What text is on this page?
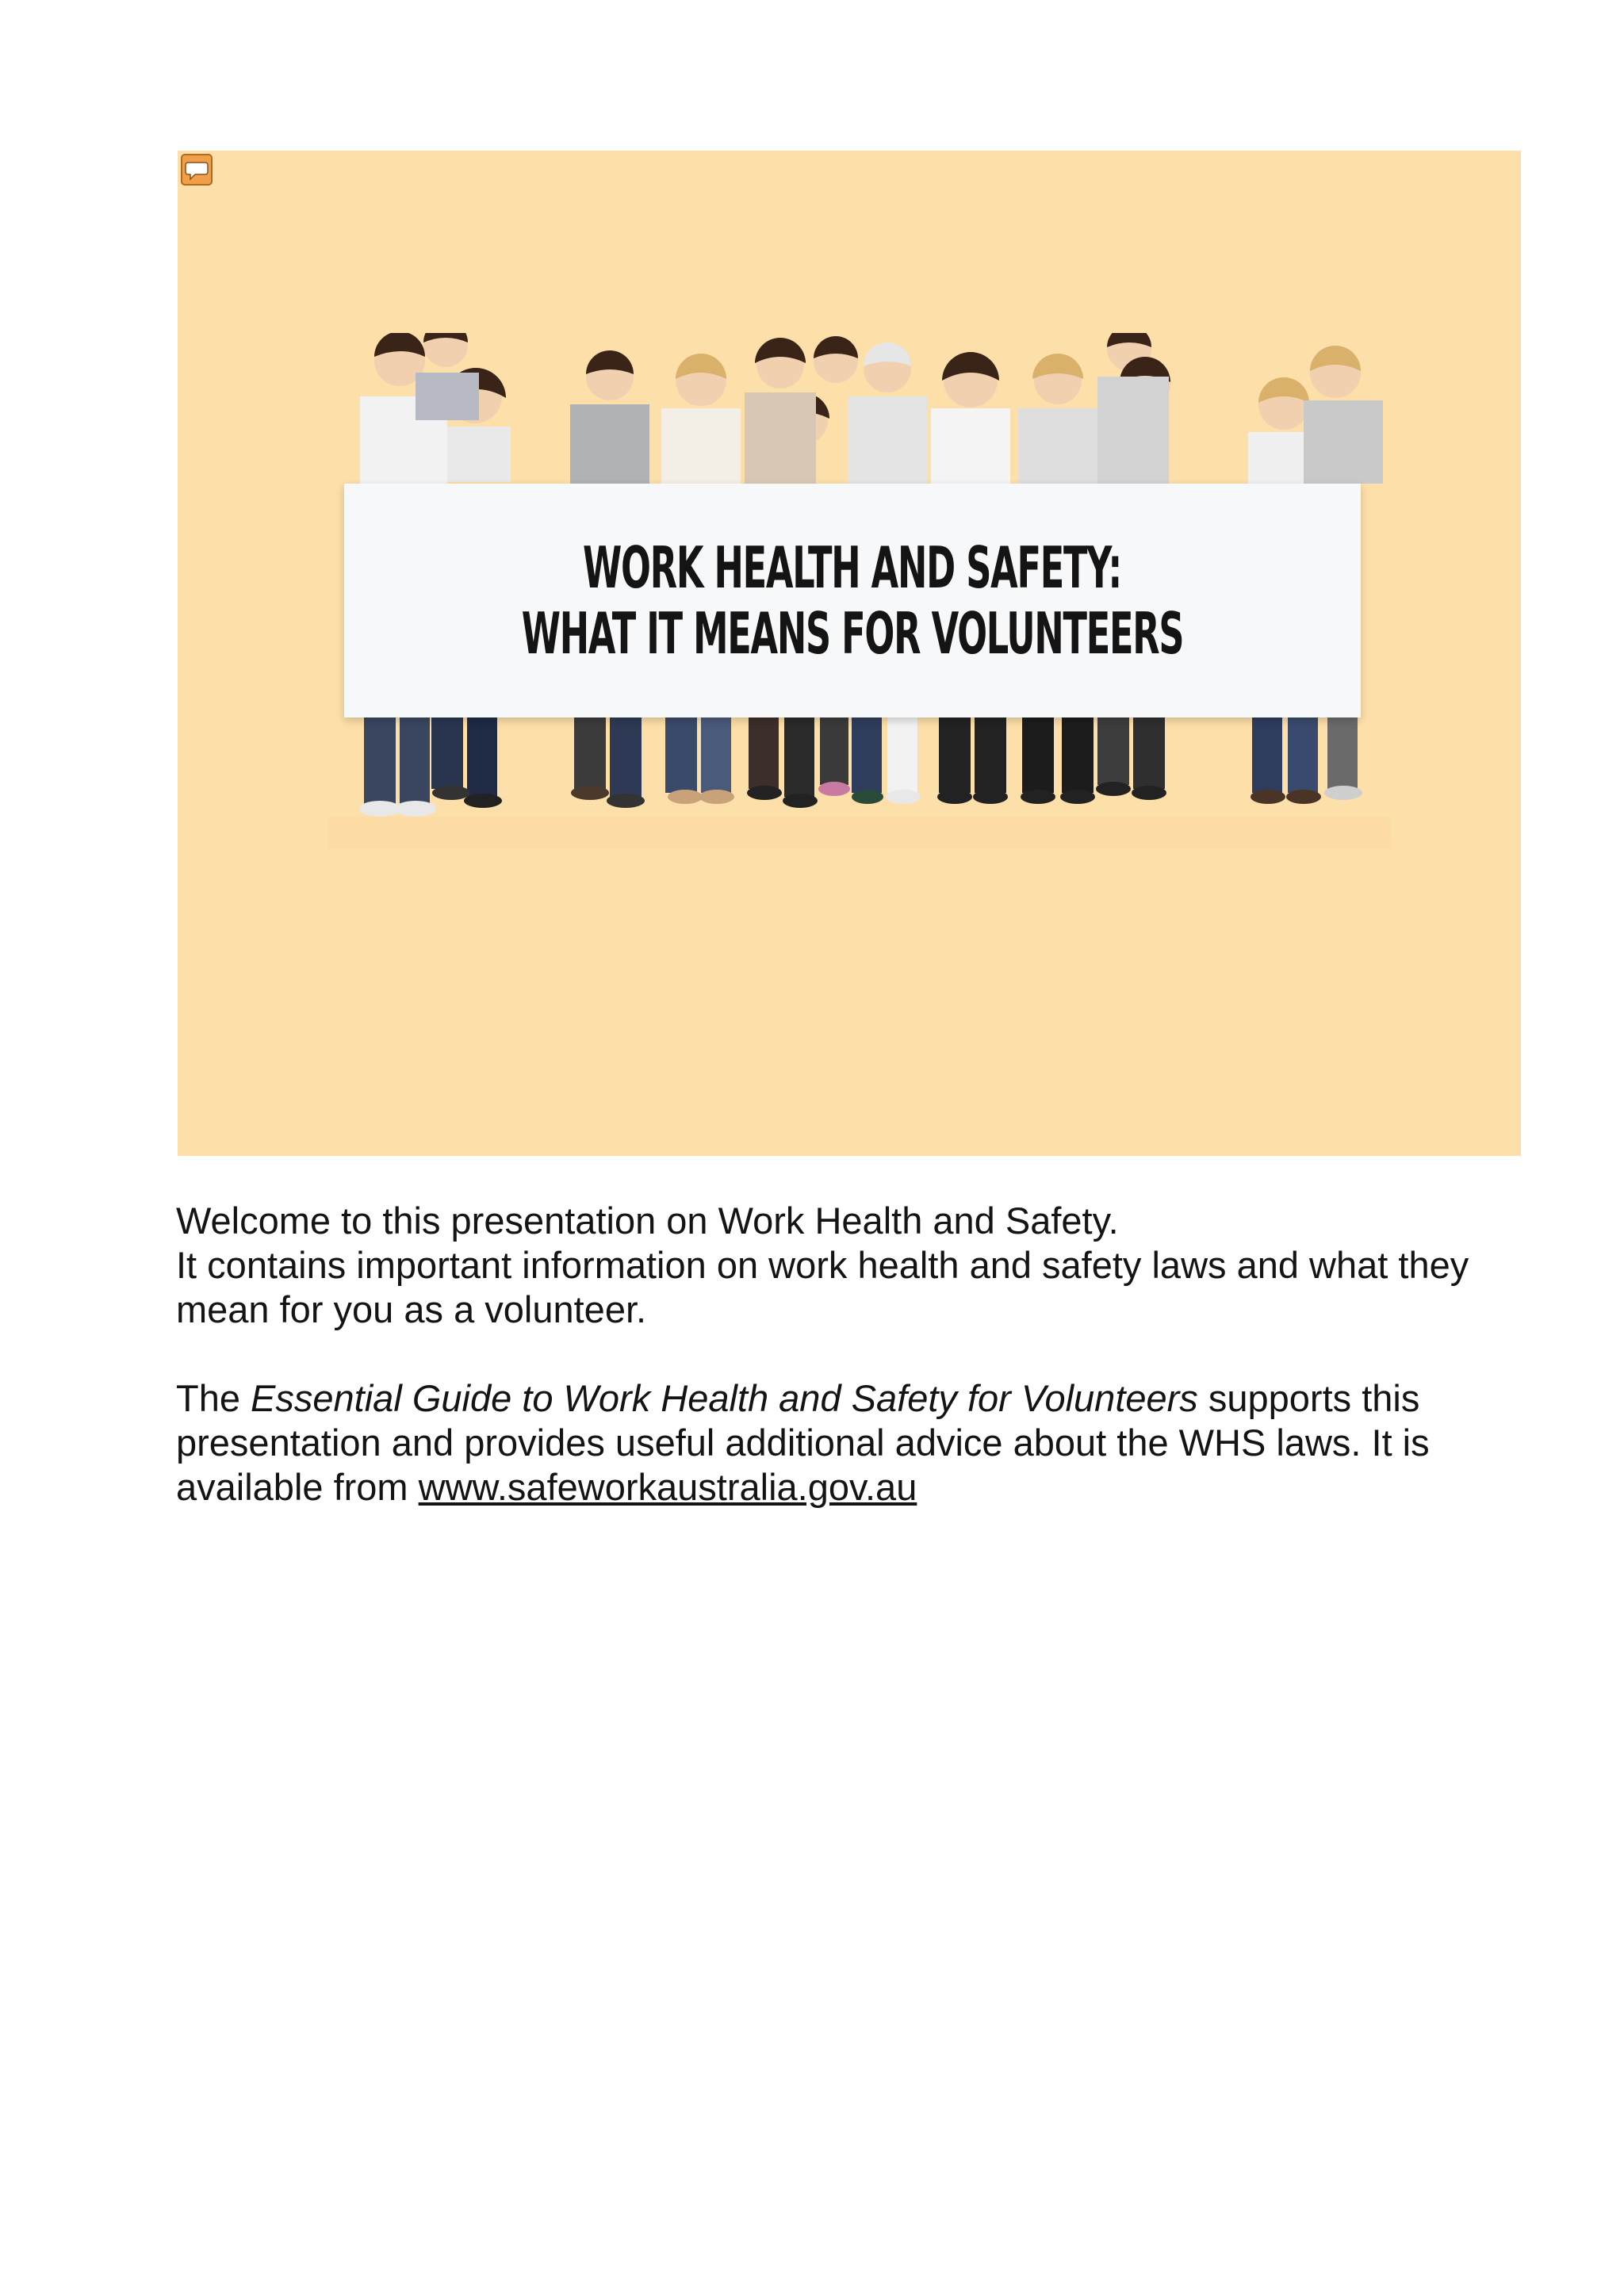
WORK HEALTH AND SAFETY:
WHAT IT MEANS FOR VOLUNTEERS

Welcome to this presentation on Work Health and Safety.

It contains important information on work health and safety laws and what they

mean for you as a volunteer.

The Essential Guide to Work Health and Safety for Volunteers supports this

presentation and provides useful additional advice about the WHS laws. It is

available from www.safeworkaustralia.gov.au
